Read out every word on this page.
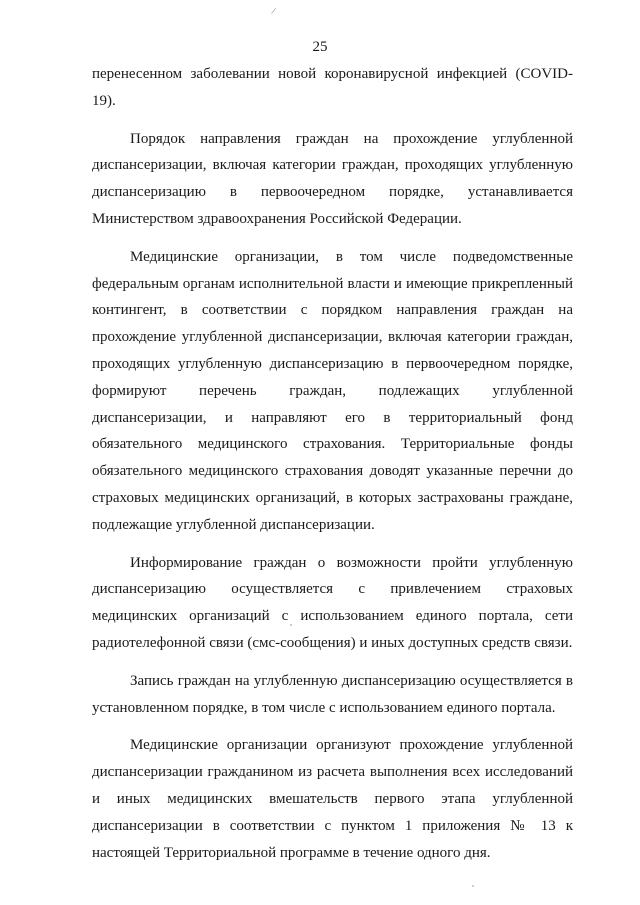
/
25

перенесенном заболевании новой коронавирусной инфекцией (COVID-19).

Порядок направления граждан на прохождение углубленной диспансеризации, включая категории граждан, проходящих углубленную диспансеризацию в первоочередном порядке, устанавливается Министерством здравоохранения Российской Федерации.

Медицинские организации, в том числе подведомственные федеральным органам исполнительной власти и имеющие прикрепленный контингент, в соответствии с порядком направления граждан на прохождение углубленной диспансеризации, включая категории граждан, проходящих углубленную диспансеризацию в первоочередном порядке, формируют перечень граждан, подлежащих углубленной диспансеризации, и направляют его в территориальный фонд обязательного медицинского страхования. Территориальные фонды обязательного медицинского страхования доводят указанные перечни до страховых медицинских организаций, в которых застрахованы граждане, подлежащие углубленной диспансеризации.

Информирование граждан о возможности пройти углубленную диспансеризацию осуществляется с привлечением страховых медицинских организаций с использованием единого портала, сети радиотелефонной связи (смс-сообщения) и иных доступных средств связи.

Запись граждан на углубленную диспансеризацию осуществляется в установленном порядке, в том числе с использованием единого портала.

Медицинские организации организуют прохождение углубленной диспансеризации гражданином из расчета выполнения всех исследований и иных медицинских вмешательств первого этапа углубленной диспансеризации в соответствии с пунктом 1 приложения № 13 к настоящей Территориальной программе в течение одного дня.
